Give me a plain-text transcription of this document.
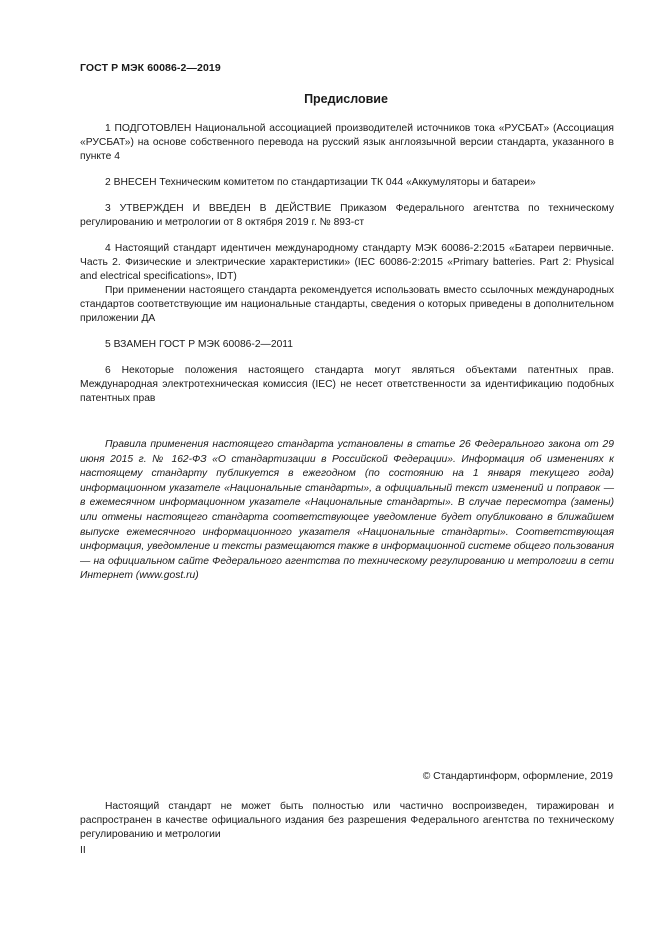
ГОСТ Р МЭК 60086-2—2019
Предисловие

1 ПОДГОТОВЛЕН Национальной ассоциацией производителей источников тока «РУСБАТ» (Ассоциация «РУСБАТ») на основе собственного перевода на русский язык англоязычной версии стандарта, указанного в пункте 4

2 ВНЕСЕН Техническим комитетом по стандартизации ТК 044 «Аккумуляторы и батареи»

3 УТВЕРЖДЕН И ВВЕДЕН В ДЕЙСТВИЕ Приказом Федерального агентства по техническому регулированию и метрологии от 8 октября 2019 г. № 893-ст

4 Настоящий стандарт идентичен международному стандарту МЭК 60086-2:2015 «Батареи первичные. Часть 2. Физические и электрические характеристики» (IEC 60086-2:2015 «Primary batteries. Part 2: Physical and electrical specifications», IDT)

При применении настоящего стандарта рекомендуется использовать вместо ссылочных международных стандартов соответствующие им национальные стандарты, сведения о которых приведены в дополнительном приложении ДА

5 ВЗАМЕН ГОСТ Р МЭК 60086-2—2011

6 Некоторые положения настоящего стандарта могут являться объектами патентных прав. Международная электротехническая комиссия (IEC) не несет ответственности за идентификацию подобных патентных прав

Правила применения настоящего стандарта установлены в статье 26 Федерального закона от 29 июня 2015 г. № 162-ФЗ «О стандартизации в Российской Федерации». Информация об изменениях к настоящему стандарту публикуется в ежегодном (по состоянию на 1 января текущего года) информационном указателе «Национальные стандарты», а официальный текст изменений и поправок — в ежемесячном информационном указателе «Национальные стандарты». В случае пересмотра (замены) или отмены настоящего стандарта соответствующее уведомление будет опубликовано в ближайшем выпуске ежемесячного информационного указателя «Национальные стандарты». Соответствующая информация, уведомление и тексты размещаются также в информационной системе общего пользования — на официальном сайте Федерального агентства по техническому регулированию и метрологии в сети Интернет (www.gost.ru)

© Стандартинформ, оформление, 2019

Настоящий стандарт не может быть полностью или частично воспроизведен, тиражирован и распространен в качестве официального издания без разрешения Федерального агентства по техническому регулированию и метрологии

II
